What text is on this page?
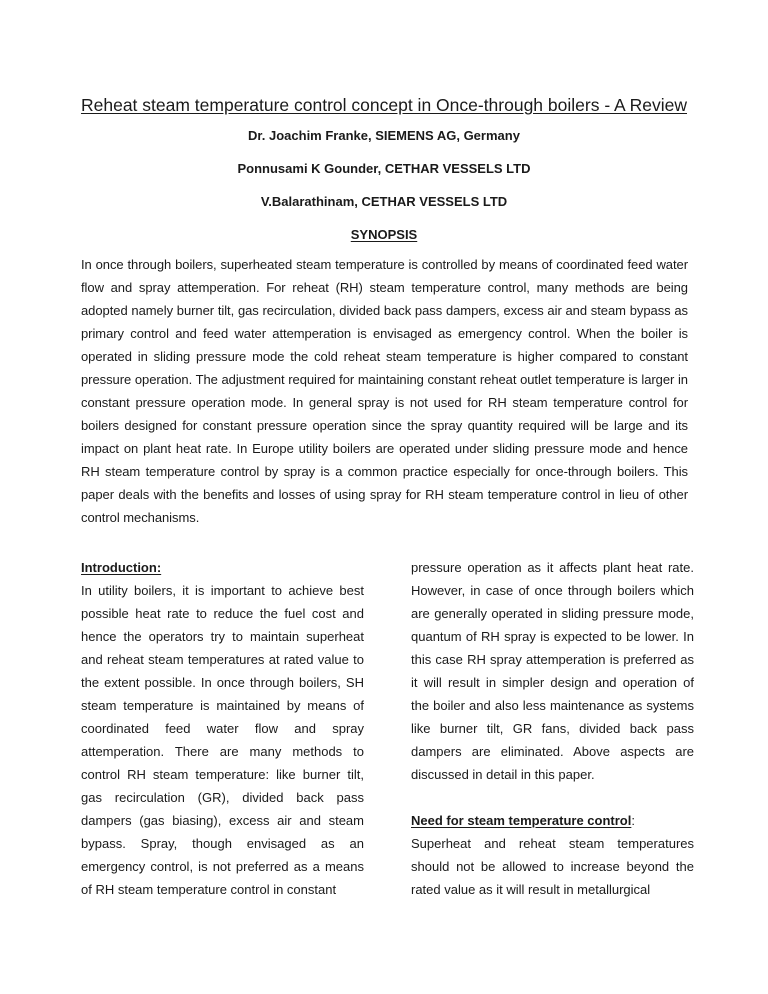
Reheat steam temperature control concept in Once-through boilers - A Review
Dr. Joachim Franke, SIEMENS AG, Germany
Ponnusami K Gounder, CETHAR VESSELS LTD
V.Balarathinam, CETHAR VESSELS LTD
SYNOPSIS

In once through boilers, superheated steam temperature is controlled by means of coordinated feed water flow and spray attemperation. For reheat (RH) steam temperature control, many methods are being adopted namely burner tilt, gas recirculation, divided back pass dampers, excess air and steam bypass as primary control and feed water attemperation is envisaged as emergency control. When the boiler is operated in sliding pressure mode the cold reheat steam temperature is higher compared to constant pressure operation. The adjustment required for maintaining constant reheat outlet temperature is larger in constant pressure operation mode. In general spray is not used for RH steam temperature control for boilers designed for constant pressure operation since the spray quantity required will be large and its impact on plant heat rate. In Europe utility boilers are operated under sliding pressure mode and hence RH steam temperature control by spray is a common practice especially for once-through boilers. This paper deals with the benefits and losses of using spray for RH steam temperature control in lieu of other control mechanisms.

Introduction:

In utility boilers, it is important to achieve best possible heat rate to reduce the fuel cost and hence the operators try to maintain superheat and reheat steam temperatures at rated value to the extent possible. In once through boilers, SH steam temperature is maintained by means of coordinated feed water flow and spray attemperation. There are many methods to control RH steam temperature: like burner tilt, gas recirculation (GR), divided back pass dampers (gas biasing), excess air and steam bypass. Spray, though envisaged as an emergency control, is not preferred as a means of RH steam temperature control in constant

pressure operation as it affects plant heat rate. However, in case of once through boilers which are generally operated in sliding pressure mode, quantum of RH spray is expected to be lower. In this case RH spray attemperation is preferred as it will result in simpler design and operation of the boiler and also less maintenance as systems like burner tilt, GR fans, divided back pass dampers are eliminated. Above aspects are discussed in detail in this paper.

Need for steam temperature control:

Superheat and reheat steam temperatures should not be allowed to increase beyond the rated value as it will result in metallurgical
